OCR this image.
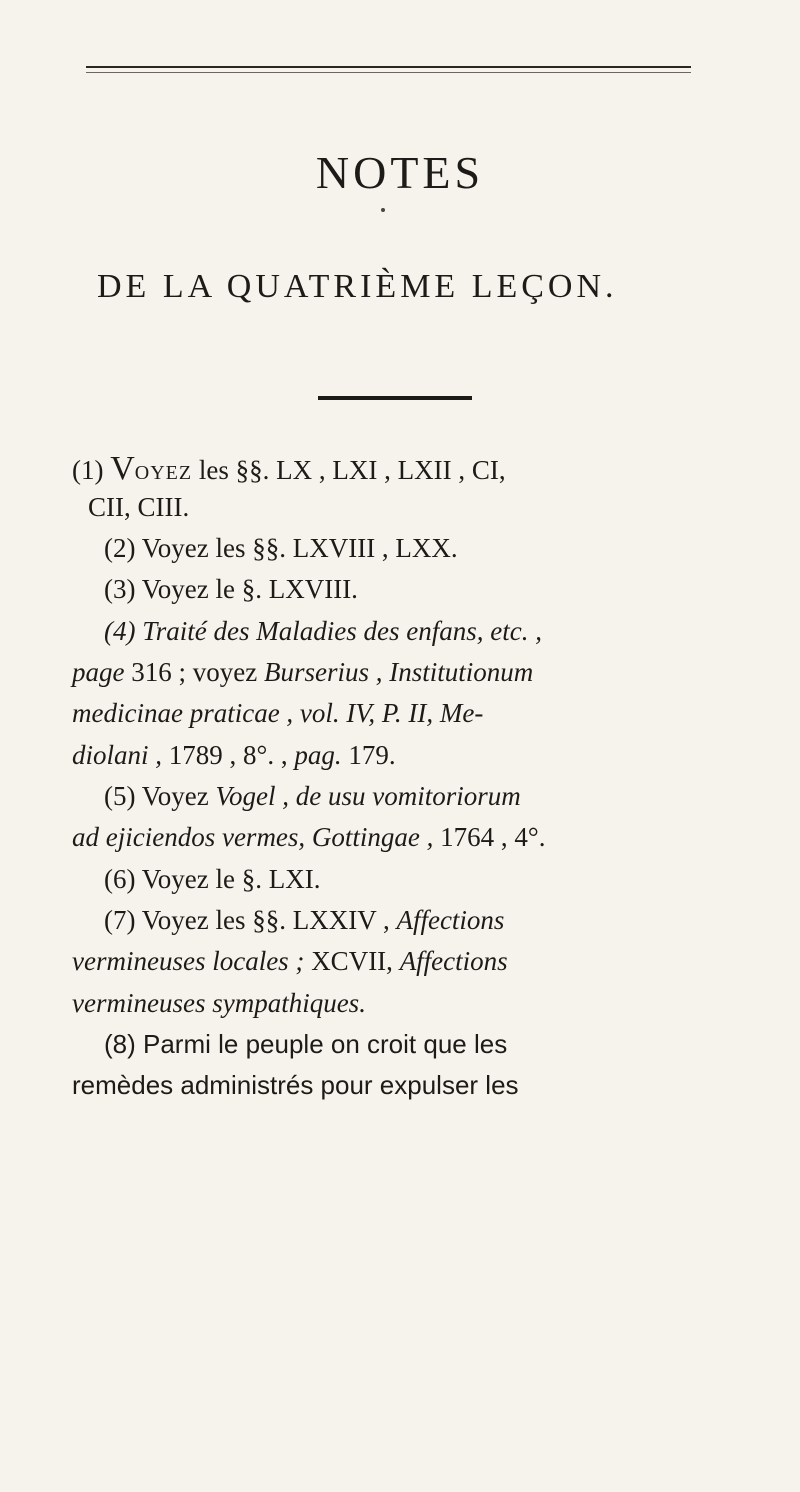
NOTES
DE LA QUATRIÈME LEÇON.
(1) VOYEZ les §§. LX , LXI , LXII , CI,
CII, CIII.
(2) Voyez les §§. LXVIII , LXX.
(3) Voyez le §. LXVIII.
(4) Traité des Maladies des enfans, etc. ,
page 316 ; voyez Burserius , Institutionum
medicinae praticae , vol. IV, P. II, Me-
diolani , 1789 , 8°. , pag. 179.
(5) Voyez Vogel , de usu vomitoriorum
ad ejiciendos vermes, Gottingae , 1764 , 4°.
(6) Voyez le §. LXI.
(7) Voyez les §§. LXXIV , Affections
vermineuses locales ; XCVII, Affections
vermineuses sympathiques.
(8) Parmi le peuple on croit que les
remèdes administrés pour expulser les
